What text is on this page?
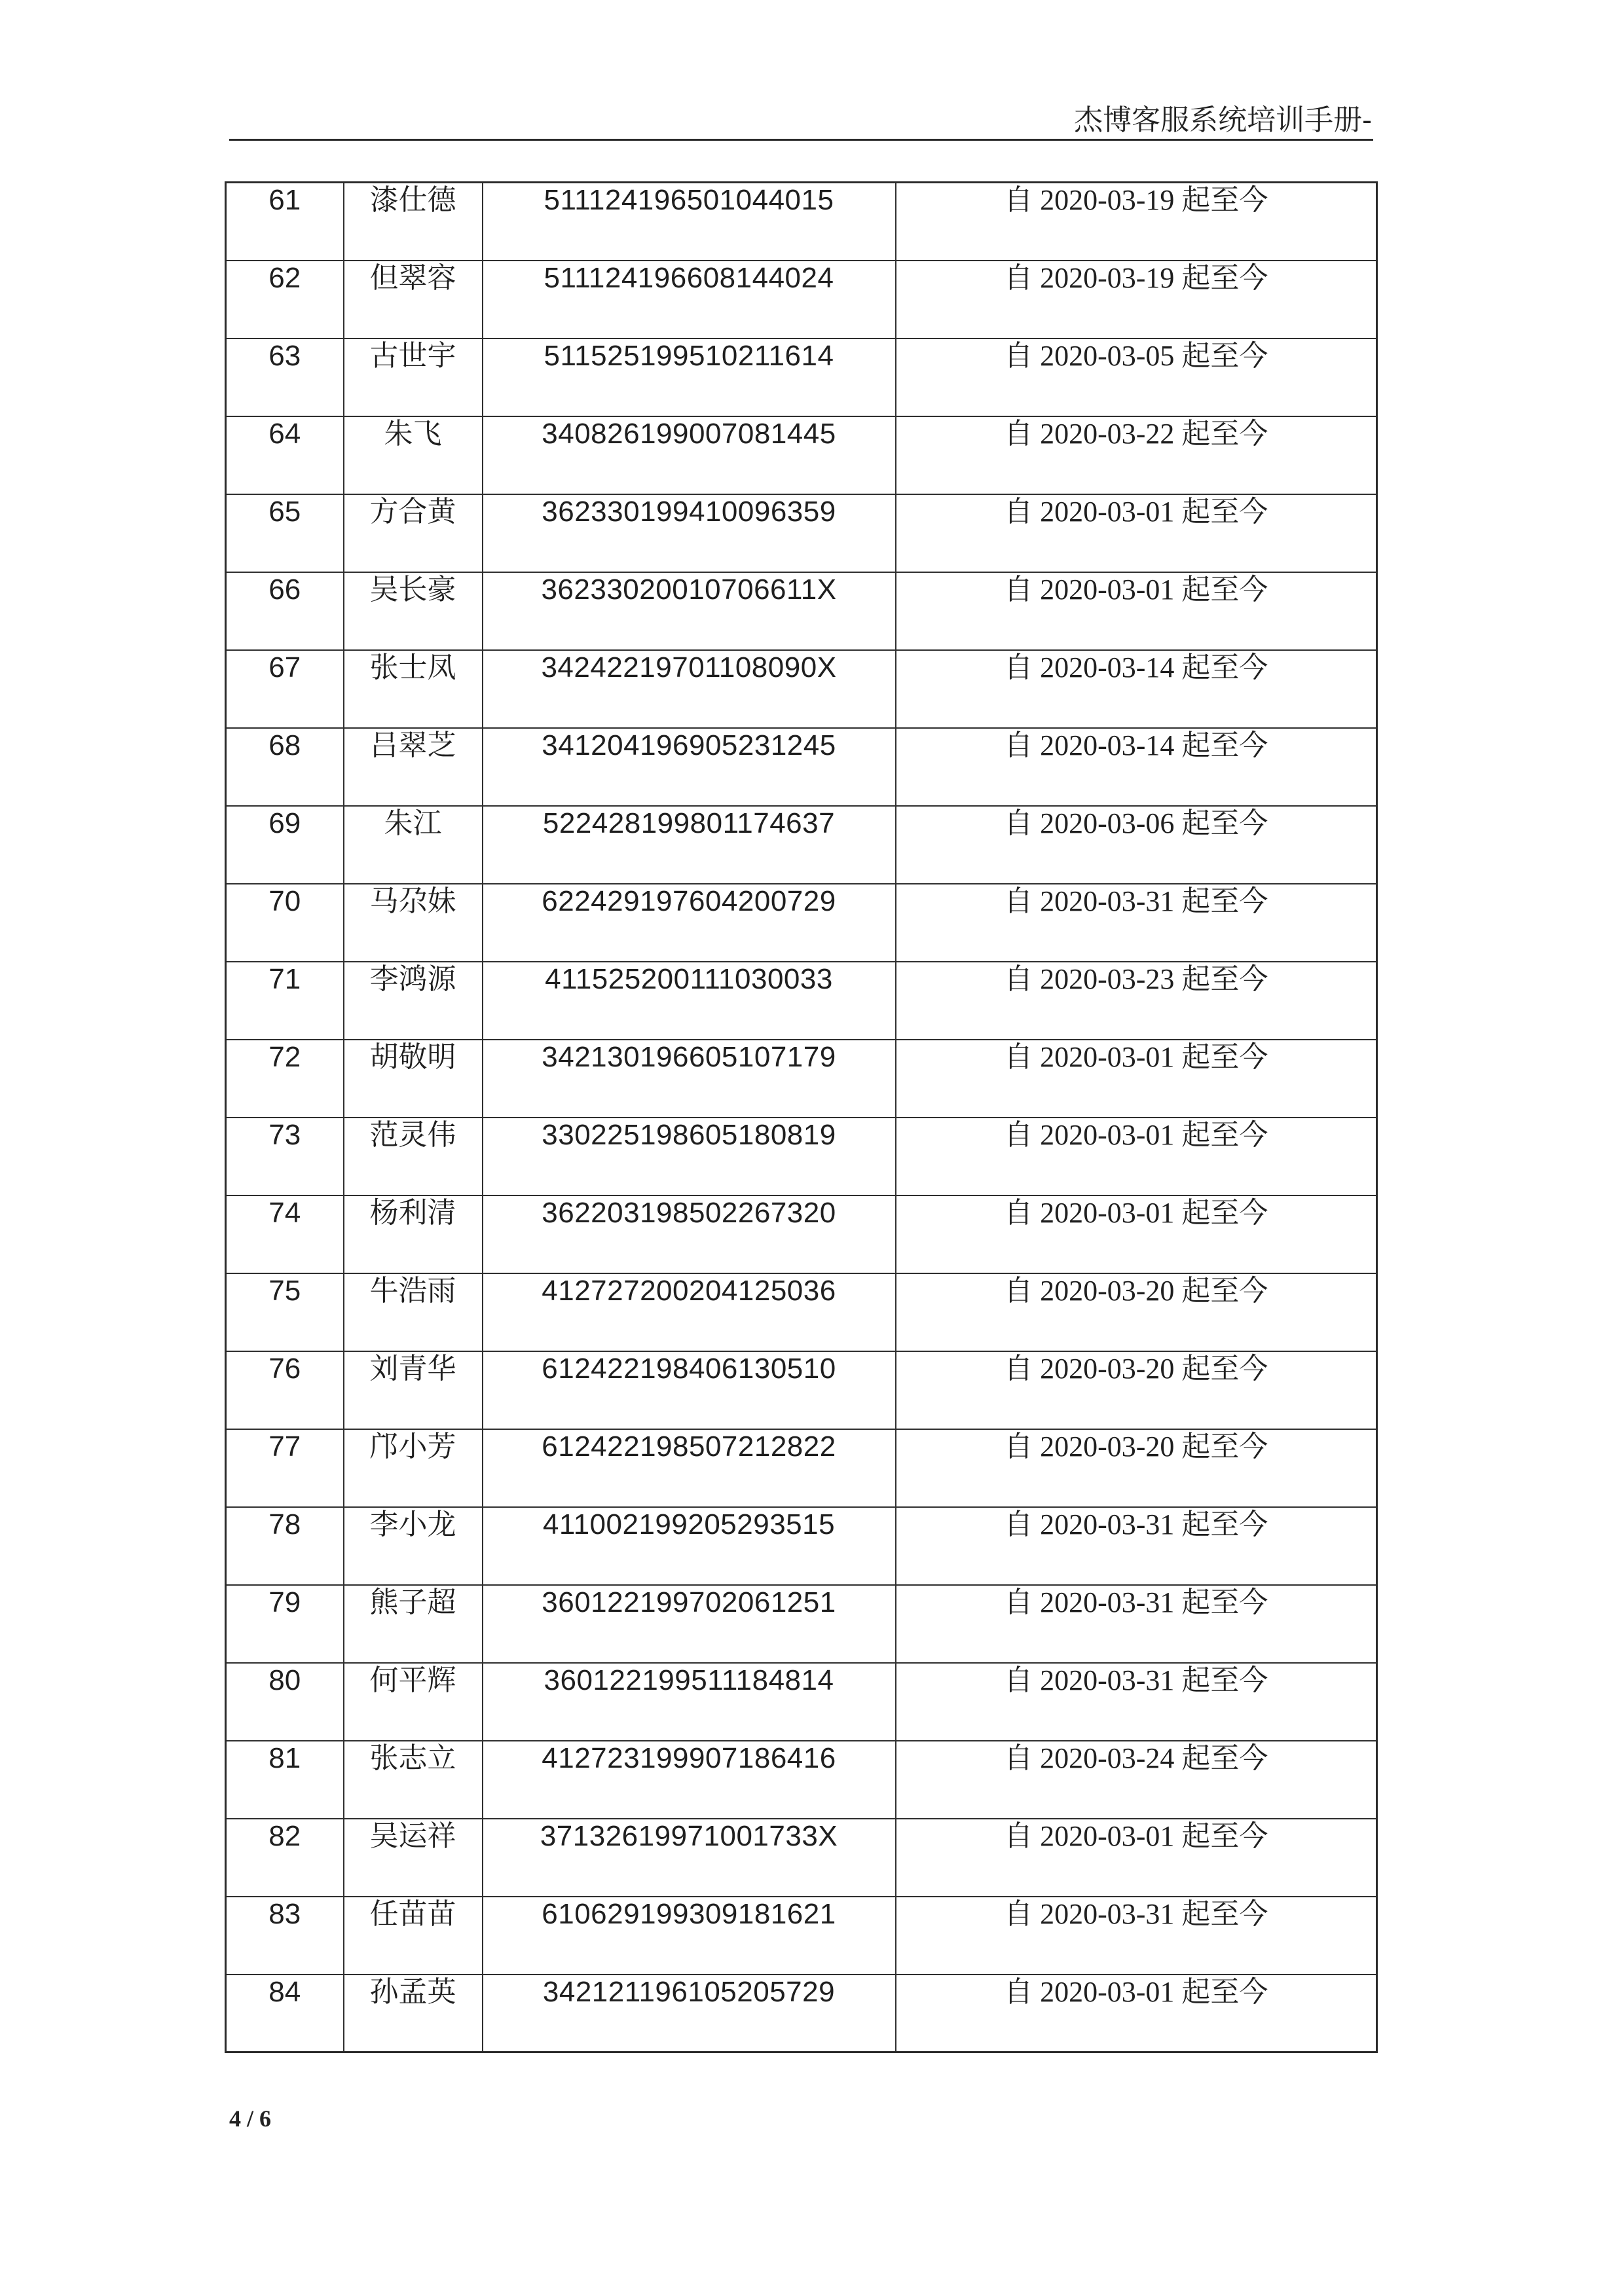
杰博客服系统培训手册-
61	漆仕德	511124196501044015	自 2020-03-19 起至今
62	但翠容	511124196608144024	自 2020-03-19 起至今
63	古世宇	511525199510211614	自 2020-03-05 起至今
64	朱飞	340826199007081445	自 2020-03-22 起至今
65	方合黄	362330199410096359	自 2020-03-01 起至今
66	吴长豪	36233020010706611X	自 2020-03-01 起至今
67	张士凤	34242219701108090X	自 2020-03-14 起至今
68	吕翠芝	341204196905231245	自 2020-03-14 起至今
69	朱江	522428199801174637	自 2020-03-06 起至今
70	马尕妹	622429197604200729	自 2020-03-31 起至今
71	李鸿源	411525200111030033	自 2020-03-23 起至今
72	胡敬明	342130196605107179	自 2020-03-01 起至今
73	范灵伟	330225198605180819	自 2020-03-01 起至今
74	杨利清	362203198502267320	自 2020-03-01 起至今
75	牛浩雨	412727200204125036	自 2020-03-20 起至今
76	刘青华	612422198406130510	自 2020-03-20 起至今
77	邝小芳	612422198507212822	自 2020-03-20 起至今
78	李小龙	411002199205293515	自 2020-03-31 起至今
79	熊子超	360122199702061251	自 2020-03-31 起至今
80	何平辉	360122199511184814	自 2020-03-31 起至今
81	张志立	412723199907186416	自 2020-03-24 起至今
82	吴运祥	37132619971001733X	自 2020-03-01 起至今
83	任苗苗	610629199309181621	自 2020-03-31 起至今
84	孙孟英	342121196105205729	自 2020-03-01 起至今
4 / 6
